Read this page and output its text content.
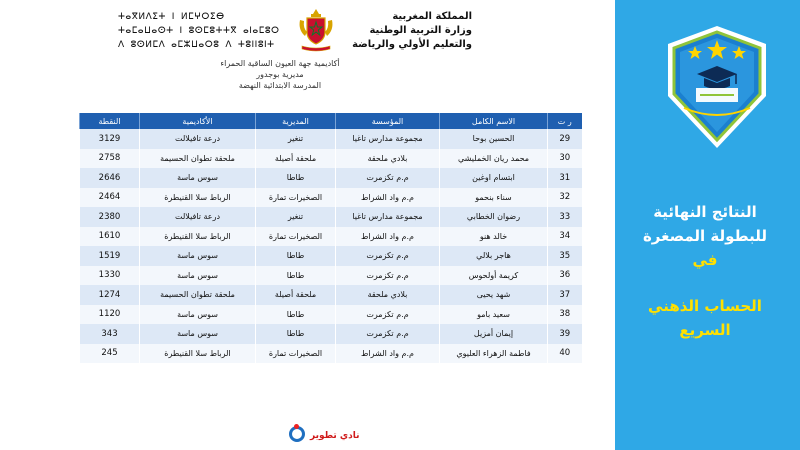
ⵜⴰⴳⵍⴷⵉⵜ ⵏ ⵍⵎⵖⵔⵉⴱ
ⵜⴰⵎⴰⵡⴰⵙⵜ ⵏ ⵓⵙⵎⵓⵜⵜⴳ ⴰⵏⴰⵎⵓⵔ
ⴷ ⵓⵙⵍⵎⴷ ⴰⵎⵣⵡⴰⵔⵓ ⴷ ⵜⵓⵏⵏⵓⵏⵜ
المملكة المغربية
وزارة التربية الوطنية
والتعليم الأولي والرياضة
أكاديمية جهة العيون الساقية الحمراء
مديرية بوجدور
المدرسة الابتدائية النهضة
ر ت	الاسم الكامل	المؤسسة	المديرية	الأكاديمية	النقطة
29	الحسين بوحا	مجموعة مدارس تاغيا	تنغير	درعة تافيلالت	3129
30	محمد ريان الخمليشي	بلادي ملحقة	ملحقة أصيلة	ملحقة تطوان الحسيمة	2758
31	ابتسام اوغين	م.م تكزمرت	طاطا	سوس ماسة	2646
32	سناء بنحمو	م.م واد الشراط	الصخيرات تمارة	الرباط سلا القنيطرة	2464
33	رضوان الخطابي	مجموعة مدارس تاغيا	تنغير	درعة تافيلالت	2380
34	خالد هنو	م.م واد الشراط	الصخيرات تمارة	الرباط سلا القنيطرة	1610
35	هاجر بلالي	م.م تكزمرت	طاطا	سوس ماسة	1519
36	كريمة أولحوس	م.م تكزمرت	طاطا	سوس ماسة	1330
37	شهد يحيى	بلادي ملحقة	ملحقة أصيلة	ملحقة تطوان الحسيمة	1274
38	سعيد بامو	م.م تكزمرت	طاطا	سوس ماسة	1120
39	إيمان أمزيل	م.م تكزمرت	طاطا	سوس ماسة	343
40	فاطمة الزهراء العليوي	م.م واد الشراط	الصخيرات تمارة	الرباط سلا القنيطرة	245
نادي تطوير
النتائج النهائية
للبطولة المصغرة
في
الحساب الذهني
السريع
